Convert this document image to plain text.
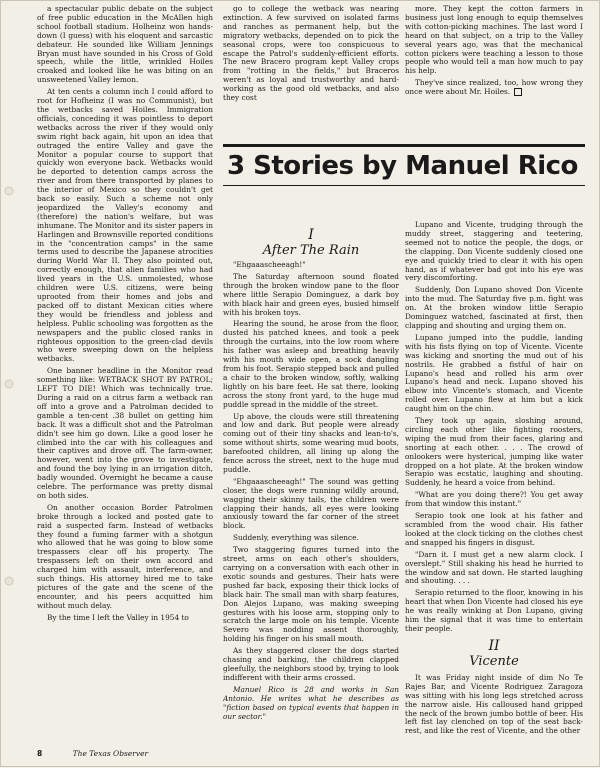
a spectacular public debate on the subject of free public education in the McAllen high school football stadium. Holheinz won hands-down (I guess) with his eloquent and sarcastic debateur. He sounded like William Jennings Bryan must have sounded in his Cross of Gold speech, while the little, wrinkled Hoiles croaked and looked like he was biting on an unsweetened Valley lemon.

At ten cents a column inch I could afford to root for Hofheinz (I was no Communist), but the wetbacks saved Hoiles. Immigration officials, conceding it was pointless to deport wetbacks across the river if they would only swim right back again, hit upon an idea that outraged the entire Valley and gave the Monitor a popular course to support that quickly won everyone back. Wetbacks would be deported to detention camps across the river and from there transported by planes to the interior of Mexico so they couldn't get back so easily. Such a scheme not only jeopardized the Valley's economy and (therefore) the nation's welfare, but was inhumane. The Monitor and its sister papers in Harlingen and Brownsville reported conditions in the "concentration camps" in the same terms used to describe the Japanese atrocities during World War II. They also pointed out, correctly enough, that alien families who had lived years in the U.S. unmolested, whose children were U.S. citizens, were being uprooted from their homes and jobs and packed off to distant Mexican cities where they would be friendless and jobless and helpless. Public schooling was forgotten as the newspapers and the public closed ranks in righteous opposition to the green-clad devils who were sweeping down on the helpless wetbacks.

One banner headline in the Monitor read something like: WETBACK SHOT BY PATROL; LEFT TO DIE! Which was technically true. During a raid on a citrus farm a wetback ran off into a grove and a Patrolman decided to gamble a ten-cent .38 bullet on getting him back. It was a difficult shot and the Patrolman didn't see him go down. Like a good loser he climbed into the car with his colleagues and their captives and drove off. The farm-owner, however, went into the grove to investigate, and found the boy lying in an irrigation ditch, badly wounded. Overnight he became a cause celebre. The performance was pretty dismal on both sides.

On another occasion Border Patrolmen broke through a locked and posted gate to raid a suspected farm. Instead of wetbacks they found a fuming farmer with a shotgun who allowed that he was going to blow some trespassers clear off his property. The trespassers left on their own accord and charged him with assault, interference, and such things. His attorney hired me to take pictures of the gate and the scene of the encounter, and his peers acquitted him without much delay.

By the time I left the Valley in 1954 to

go to college the wetback was nearing extinction. A few survived on isolated farms and ranches as permanent help, but the migratory wetbacks, depended on to pick the seasonal crops, were too conspicuous to escape the Patrol's suddenly-efficient efforts. The new Bracero program kept Valley crops from "rotting in the fields," but Braceros weren't as loyal and trustworthy and hard-working as the good old wetbacks, and also they cost

more. They kept the cotton farmers in business just long enough to equip themselves with cotton-picking machines. The last word I heard on that subject, on a trip to the Valley several years ago, was that the mechanical cotton pickers were teaching a lesson to those people who would tell a man how much to pay his help.

They've since realized, too, how wrong they once were about Mr. Hoiles.

3 Stories by Manuel Rico
I
After The Rain

"Ehgaaascheeagh!"

The Saturday afternoon sound floated through the broken window pane to the floor where little Serapio Dominguez, a dark boy with black hair and green eyes, busied himself with his broken toys.

Hearing the sound, he arose from the floor, dusted his patched knees, and took a peek through the curtains, into the low room where his father was asleep and breathing heavily with his mouth wide open, a sock dangling from his foot. Serapio stepped back and pulled a chair to the broken window, softly, walking lightly on his bare feet. He sat there, looking across the stony front yard, to the huge mud puddle spread in the middle of the street.

Up above, the clouds were still threatening and low and dark. But people were already coming out of their tiny shacks and lean-to's, some without shirts, some wearing mud boots, barefooted children, all lining up along the fence across the street, next to the huge mud puddle.

"Ehgaaascheeagh!" The sound was getting closer, the dogs were running wildly around, wagging their skinny tails, the children were clapping their hands, all eyes were looking anxiously toward the far corner of the street block.

Suddenly, everything was silence.

Two staggering figures turned into the street, arms on each other's shoulders, carrying on a conversation with each other in exotic sounds and gestures. Their hats were pushed far back, exposing their thick locks of black hair. The small man with sharp features, Don Alejos Lupano, was making sweeping gestures with his loose arm, stopping only to scratch the large mole on his temple. Vicente Severo was nodding assent thoroughly, holding his finger on his small mouth.

As they staggered closer the dogs started chasing and barking, the children clapped gleefully, the neighbors stood by, trying to look indifferent with their arms crossed.

Manuel Rico is 28 and works in San Antonio. He writes what he describes as "fiction based on typical events that happen in our sector."

Lupano and Vicente, trudging through the muddy street, staggering and teetering, seemed not to notice the people, the dogs, or the clapping. Don Vicente suddenly closed one eye and quickly tried to clear it with his open hand, as if whatever bad got into his eye was very discomforting.

Suddenly, Don Lupano shoved Don Vicente into the mud. The Saturday five p.m. fight was on. At the broken window little Serapio Dominguez watched, fascinated at first, then clapping and shouting and urging them on.

Lupano jumped into the puddle, landing with his fists flying on top of Vicente. Vicente was kicking and snorting the mud out of his nostrils. He grabbed a fistful of hair on Lupano's head and rolled his arm over Lupano's head and neck. Lupano shoved his elbow into Vincente's stomach, and Vicente rolled over. Lupano flew at him but a kick caught him on the chin.

They took up again, sloshing around, circling each other like fighting roosters, wiping the mud from their faces, glaring and snorting at each other. . . . The crowd of onlookers were hysterical, jumping like water dropped on a hot plate. At the broken window Serapio was ecstatic, laughing and shouting. Suddenly, he heard a voice from behind.

"What are you doing there?! You get away from that window this instant."

Serapio took one look at his father and scrambled from the wood chair. His father looked at the clock ticking on the clothes chest and snapped his fingers in disgust.

"Darn it. I must get a new alarm clock. I overslept." Still shaking his head he hurried to the window and sat down. He started laughing and shouting. . . .

Serapio returned to the floor, knowing in his heart that when Don Vicente had closed his eye he was really winking at Don Lupano, giving him the signal that it was time to entertain their people.

II
Vicente

It was Friday night inside of dim No Te Rajes Bar, and Vicente Rodriguez Zaragoza was sitting with his long legs stretched across the narrow aisle. His calloused hand gripped the neck of the brown jumbo bottle of beer. His left fist lay clenched on top of the seat back-rest, and like the rest of Vicente, and the other

8	The Texas Observer
